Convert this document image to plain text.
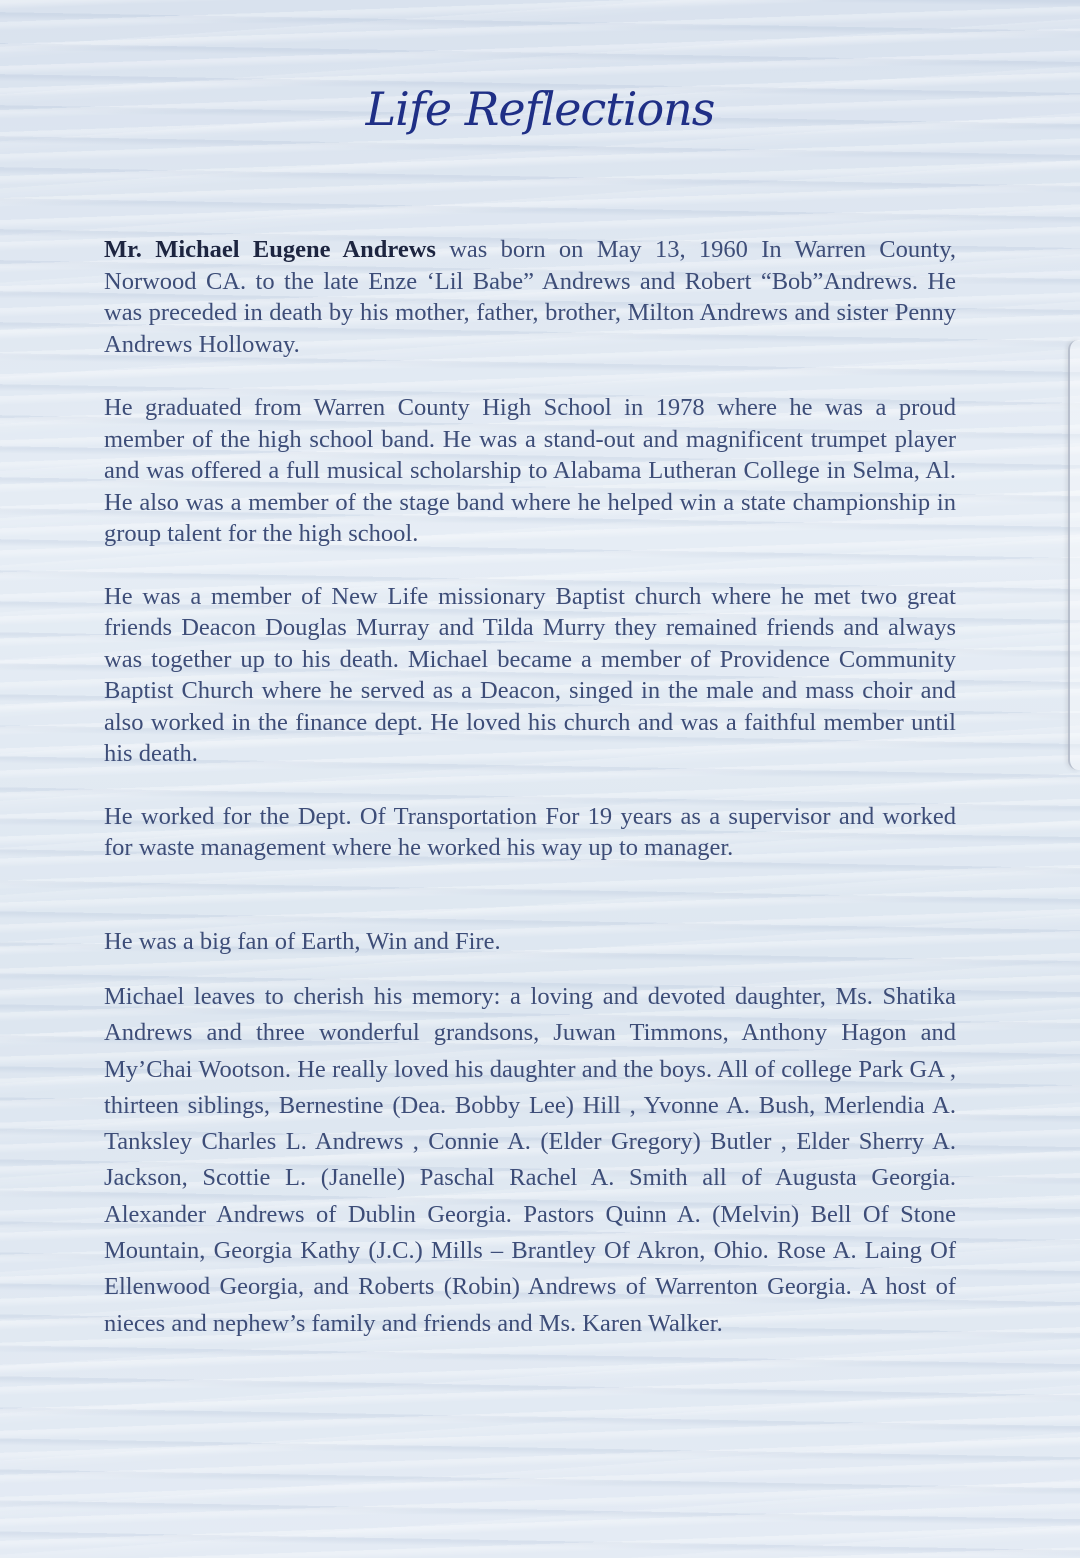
Life Reflections

Mr. Michael Eugene Andrews was born on May 13, 1960 In Warren County, Norwood CA. to the late Enze ‘Lil Babe” Andrews and Robert “Bob”Andrews. He was preceded in death by his mother, father, brother, Milton Andrews and sister Penny Andrews Holloway.

He graduated from Warren County High School in 1978 where he was a proud member of the high school band. He was a stand-out and magnificent trumpet player and was offered a full musical scholarship to Alabama Lutheran College in Selma, Al. He also was a member of the stage band where he helped win a state championship in group talent for the high school.

He was a member of New Life missionary Baptist church where he met two great friends Deacon Douglas Murray and Tilda Murry they remained friends and always was together up to his death. Michael became a member of Providence Community Baptist Church where he served as a Deacon, singed in the male and mass choir and also worked in the finance dept. He loved his church and was a faithful member until his death.

He worked for the Dept. Of Transportation For 19 years as a supervisor and worked for waste management where he worked his way up to manager.

He was a big fan of Earth, Win and Fire.

Michael leaves to cherish his memory: a loving and devoted daughter, Ms. Shatika Andrews and three wonderful grandsons, Juwan Timmons, Anthony Hagon and My’Chai Wootson. He really loved his daughter and the boys. All of college Park GA , thirteen siblings, Bernestine (Dea. Bobby Lee) Hill , Yvonne A. Bush, Merlendia A. Tanksley Charles L. Andrews , Connie A. (Elder Gregory) Butler , Elder Sherry A. Jackson, Scottie L. (Janelle) Paschal Rachel A. Smith all of Augusta Georgia. Alexander Andrews of Dublin Georgia. Pastors Quinn A. (Melvin) Bell Of Stone Mountain, Georgia Kathy (J.C.) Mills – Brantley Of Akron, Ohio. Rose A. Laing Of Ellenwood Georgia, and Roberts (Robin) Andrews of Warrenton Georgia. A host of nieces and nephew’s family and friends and Ms. Karen Walker.
